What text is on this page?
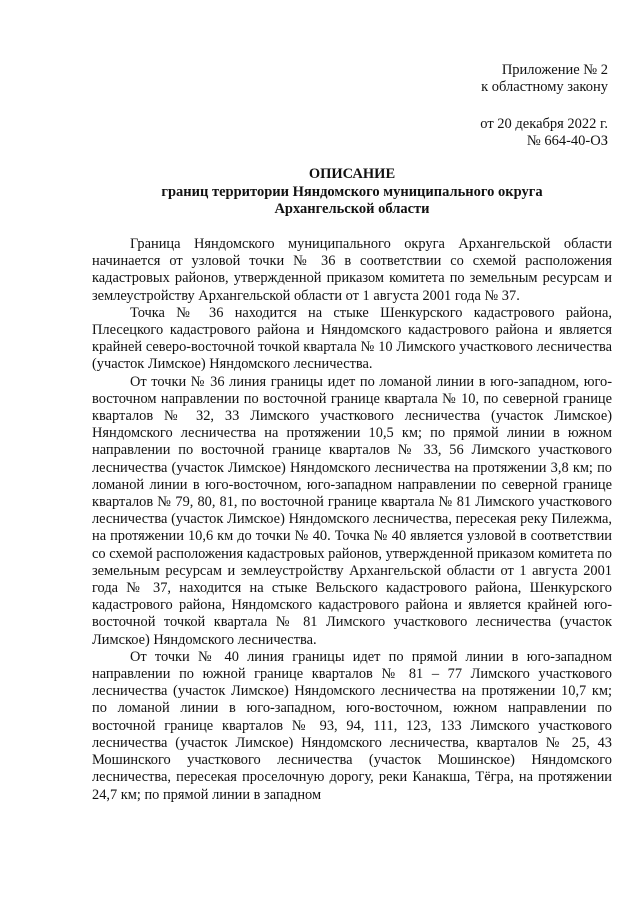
Приложение № 2
к областному закону
от 20 декабря 2022 г.
№ 664-40-ОЗ
ОПИСАНИЕ
границ территории Няндомского муниципального округа
Архангельской области

Граница Няндомского муниципального округа Архангельской области начинается от узловой точки № 36 в соответствии со схемой расположения кадастровых районов, утвержденной приказом комитета по земельным ресурсам и землеустройству Архангельской области от 1 августа 2001 года № 37.

Точка № 36 находится на стыке Шенкурского кадастрового района, Плесецкого кадастрового района и Няндомского кадастрового района и является крайней северо-восточной точкой квартала № 10 Лимского участкового лесничества (участок Лимское) Няндомского лесничества.

От точки № 36 линия границы идет по ломаной линии в юго-западном, юго-восточном направлении по восточной границе квартала № 10, по северной границе кварталов № 32, 33 Лимского участкового лесничества (участок Лимское) Няндомского лесничества на протяжении 10,5 км; по прямой линии в южном направлении по восточной границе кварталов № 33, 56 Лимского участкового лесничества (участок Лимское) Няндомского лесничества на протяжении 3,8 км; по ломаной линии в юго-восточном, юго-западном направлении по северной границе кварталов № 79, 80, 81, по восточной границе квартала № 81 Лимского участкового лесничества (участок Лимское) Няндомского лесничества, пересекая реку Пилежма, на протяжении 10,6 км до точки № 40. Точка № 40 является узловой в соответствии со схемой расположения кадастровых районов, утвержденной приказом комитета по земельным ресурсам и землеустройству Архангельской области от 1 августа 2001 года № 37, находится на стыке Вельского кадастрового района, Шенкурского кадастрового района, Няндомского кадастрового района и является крайней юго-восточной точкой квартала № 81 Лимского участкового лесничества (участок Лимское) Няндомского лесничества.

От точки № 40 линия границы идет по прямой линии в юго-западном направлении по южной границе кварталов № 81 – 77 Лимского участкового лесничества (участок Лимское) Няндомского лесничества на протяжении 10,7 км; по ломаной линии в юго-западном, юго-восточном, южном направлении по восточной границе кварталов № 93, 94, 111, 123, 133 Лимского участкового лесничества (участок Лимское) Няндомского лесничества, кварталов № 25, 43 Мошинского участкового лесничества (участок Мошинское) Няндомского лесничества, пересекая проселочную дорогу, реки Канакша, Тёгра, на протяжении 24,7 км; по прямой линии в западном
